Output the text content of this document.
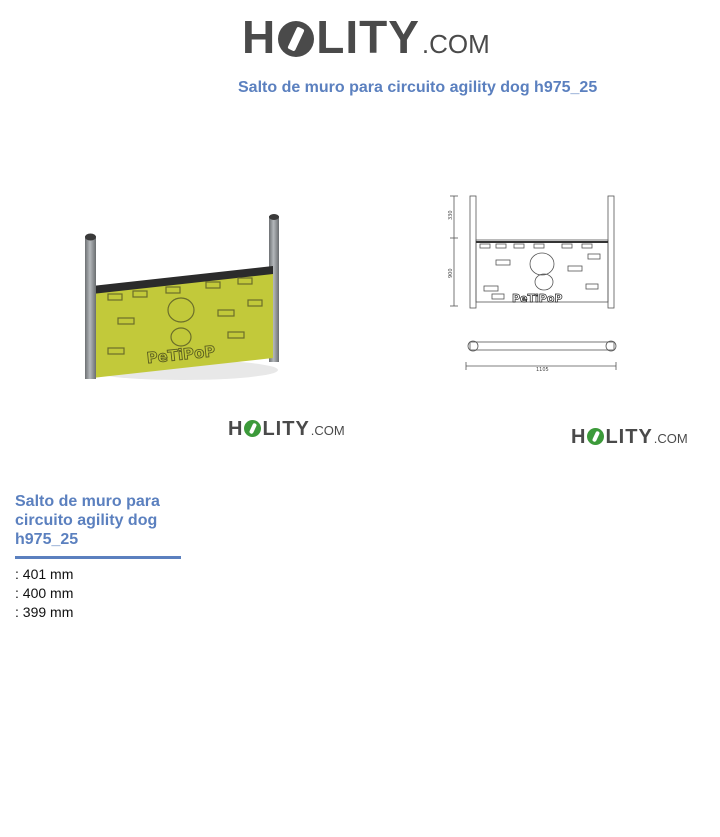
H LITY .COM
Salto de muro para circuito agility dog h975_25
PeTiPoP
330
900
1105
PeTiPoP
H LITY .COM	H LITY .COM
Salto de muro para circuito agility dog h975_25
: 401 mm
: 400 mm
: 399 mm
